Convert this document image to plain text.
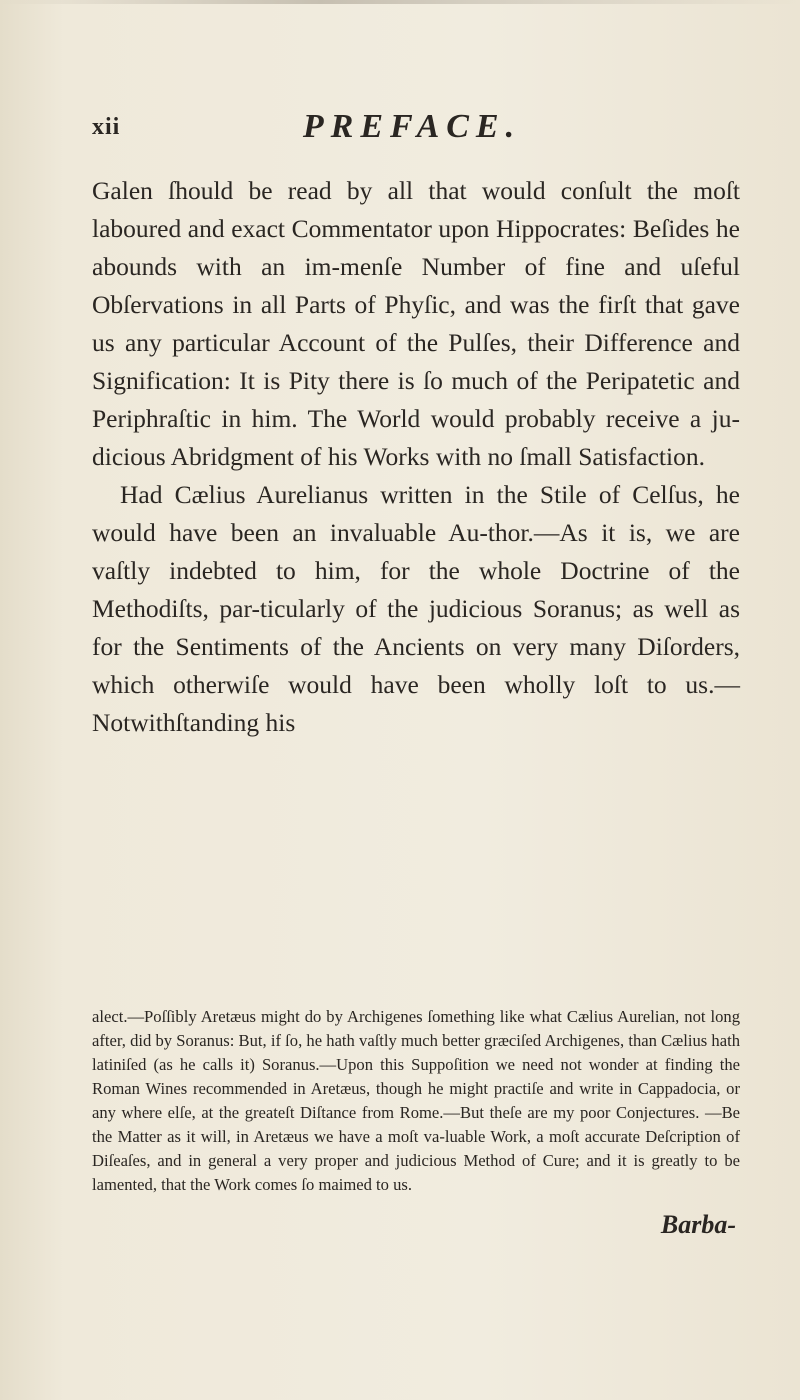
xii	PREFACE.

Galen ſhould be read by all that would conſult the moſt laboured and exact Commentator upon Hippocrates: Beſides he abounds with an im-menſe Number of fine and uſeful Obſervations in all Parts of Phyſic, and was the firſt that gave us any particular Account of the Pulſes, their Difference and Signification: It is Pity there is ſo much of the Peripatetic and Periphraſtic in him. The World would probably receive a ju-dicious Abridgment of his Works with no ſmall Satisfaction.

Had Cælius Aurelianus written in the Stile of Celſus, he would have been an invaluable Au-thor.—As it is, we are vaſtly indebted to him, for the whole Doctrine of the Methodiſts, par-ticularly of the judicious Soranus; as well as for the Sentiments of the Ancients on very many Diſorders, which otherwiſe would have been wholly loſt to us.—Notwithſtanding his

alect.—Poſſibly Aretæus might do by Archigenes ſomething like what Cælius Aurelian, not long after, did by Soranus: But, if ſo, he hath vaſtly much better græciſed Archigenes, than Cælius hath latiniſed (as he calls it) Soranus.—Upon this Suppoſition we need not wonder at finding the Roman Wines recommended in Aretæus, though he might practiſe and write in Cappadocia, or any where elſe, at the greateſt Diſtance from Rome.—But theſe are my poor Conjectures. —Be the Matter as it will, in Aretæus we have a moſt va-luable Work, a moſt accurate Deſcription of Diſeaſes, and in general a very proper and judicious Method of Cure; and it is greatly to be lamented, that the Work comes ſo maimed to us.

Barba-
